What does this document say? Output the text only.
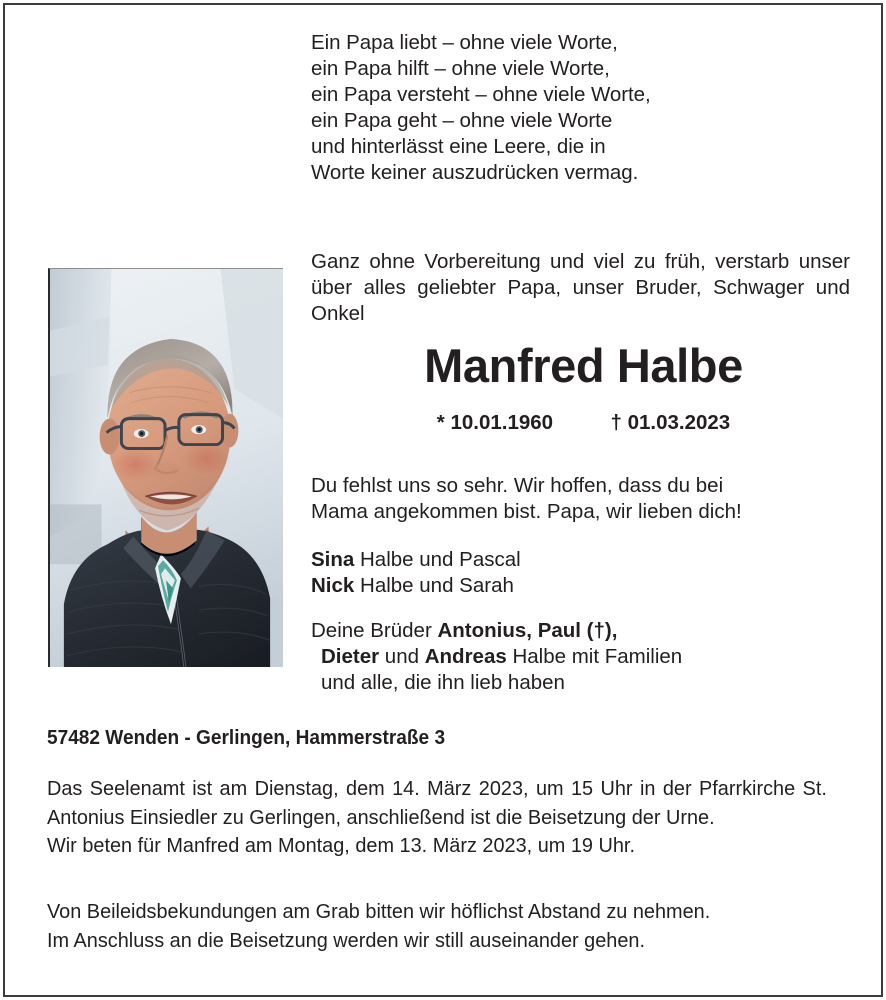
Ein Papa liebt – ohne viele Worte,
ein Papa hilft – ohne viele Worte,
ein Papa versteht – ohne viele Worte,
ein Papa geht – ohne viele Worte
und hinterlässt eine Leere, die in
Worte keiner auszudrücken vermag.

Ganz ohne Vorbereitung und viel zu früh, verstarb unser über alles geliebter Papa, unser Bruder, Schwager und Onkel

Manfred Halbe
* 10.01.1960	† 01.03.2023
Du fehlst uns so sehr. Wir hoffen, dass du bei
Mama angekommen bist. Papa, wir lieben dich!
Sina Halbe und Pascal
Nick Halbe und Sarah
Deine Brüder Antonius, Paul (†),
Dieter und Andreas Halbe mit Familien
und alle, die ihn lieb haben
57482 Wenden - Gerlingen, Hammerstraße 3
Das Seelenamt ist am Dienstag, dem 14. März 2023, um 15 Uhr in der Pfarrkirche St. Antonius Einsiedler zu Gerlingen, anschließend ist die Beisetzung der Urne.
Wir beten für Manfred am Montag, dem 13. März 2023, um 19 Uhr.
Von Beileidsbekundungen am Grab bitten wir höflichst Abstand zu nehmen.
Im Anschluss an die Beisetzung werden wir still auseinander gehen.
